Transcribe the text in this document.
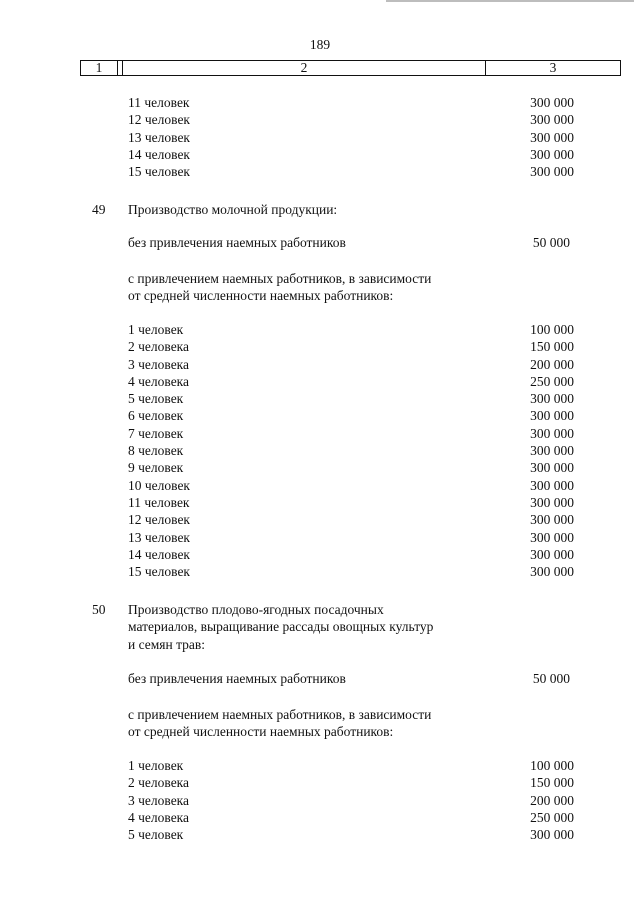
189
1		2	3
11 человек	300 000
12 человек	300 000
13 человек	300 000
14 человек	300 000
15 человек	300 000
49 Производство молочной продукции:
без привлечения наемных работников	50 000
с привлечением наемных работников, в зависимости
от средней численности наемных работников:
1 человек	100 000
2 человека	150 000
3 человека	200 000
4 человека	250 000
5 человек	300 000
6 человек	300 000
7 человек	300 000
8 человек	300 000
9 человек	300 000
10 человек	300 000
11 человек	300 000
12 человек	300 000
13 человек	300 000
14 человек	300 000
15 человек	300 000
50 Производство плодово-ягодных посадочных
материалов, выращивание рассады овощных культур
и семян трав:
без привлечения наемных работников	50 000
с привлечением наемных работников, в зависимости
от средней численности наемных работников:
1 человек	100 000
2 человека	150 000
3 человека	200 000
4 человека	250 000
5 человек	300 000
